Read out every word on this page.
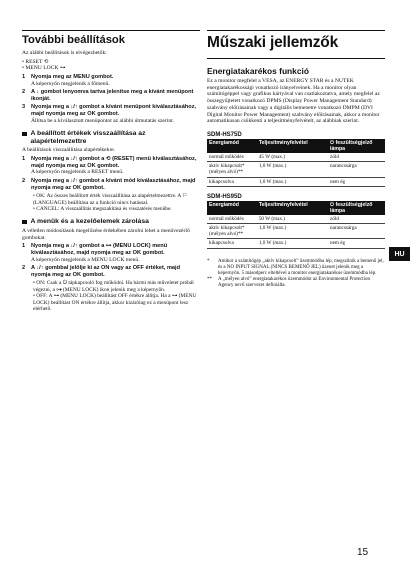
További beállítások

Az alábbi beállítások is elvégezhetők:

• RESET ⟲

• MENU LOCK ⊶

1	Nyomja meg az MENU gombot.
A képernyőn megjelenik a főmenü.
2	A ↓ gombot lenyomva tartva jelenítse meg a kívánt menüpont ikonját.
3	Nyomja meg a ↓/↑ gombot a kívánt menüpont kiválasztásához, majd nyomja meg az OK gombot.
Állítsa be a kiválasztott menüpontot az alábbi útmutatás szerint.
A beállított értékek visszaállítása az alapértelmezettre

A beállítások visszaállítása alapértékekre.

1	Nyomja meg a ↓/↑ gombot a ⟲ (RESET) menü kiválasztásához, majd nyomja meg az OK gombot.
A képernyőn megjelenik a RESET menü.
2	Nyomja meg a ↓/↑ gombot a kívánt mód kiválasztásához, majd nyomja meg az OK gombot.
• OK: Az összes beállított érték visszaállítása az alapértelmezettre. A ⚐ (LANGUAGE) beállítása az a funkció nincs hatással.
• CANCEL: A visszaállítás megszakítása és visszatérés menübe.
A menük és a kezelőelemek zárolása

A véletlen módosítások megelőzése érdekében zárolni lehet a menüvezérlő gombokat.

1	Nyomja meg a ↓/↑ gombot a ⊶ (MENU LOCK) menü kiválasztásához, majd nyomja meg az OK gombot.
A képernyőn megjelenik a MENU LOCK menü.
2	A ↓/↑ gombbal jelölje ki az ON vagy az OFF értéket, majd nyomja meg az OK gombot.
• ON: Csak a ⏻ tápkapcsoló fog működni. Ha bármi más műveletet próbál végezni, a ⊶ (MENU LOCK) ikon jelenik meg a képernyőn.
• OFF: A ⊶ (MENU LOCK) beállítást OFF értékre állítja. Ha a ⊶ (MENU LOCK) beállítást ON értékre állítja, akkor kizárólag ez a menüpont lesz elérhető.
Műszaki jellemzők
Energiatakarékos funkció

Ez a monitor megfelel a VESA, az ENERGY STAR és a NUTEK energiatakarékossági vonatkozó irányelveinek. Ha a monitor olyan számítógéppel vagy grafikus kártyával van csatlakoztatva, amely megfelel az összegyűjtetett vonatkozó DPMS (Display Power Management Standard) szabvány előírásainak vagy a digitális bemenetre vonatkozó DMPM (DVI Digital Monitor Power Management) szabvány előírásainak, akkor a monitor automatikusan csökkenti a teljesítményfelvételt, az alábbiak szerint.

SDM-HS75D
Energiamód	Teljesítményfelvétel	⏻ feszültségjelző lámpa
normál működés	45 W (max.)	zöld
aktív kikapcsolt* (mélyen alvó)**	1,0 W (max.)	narancssárga
kikapcsolva	1,0 W (max.)	nem ég
SDM-HS95D
Energiamód	Teljesítményfelvétel	⏻ feszültségjelző lámpa
normál működés	50 W (max.)	zöld
aktív kikapcsolt* (mélyen alvó)**	1,0 W (max.)	narancssárga
kikapcsolva	1,0 W (max.)	nem ég
*	Amikor a számítógép „aktív kikapcsolt” üzemmódba lép, megszűnik a bemenő jel, és a NO INPUT SIGNAL (NINCS BEMENŐ JEL) üzenet jelenik meg a képernyőn. 5 másodperc elteltével a monitor energiatakarékos üzemmódba lép.
**	A „mélyen alvó” energiatakarékos üzemmódot az Environmental Protection Agency nevű szervezet definiálta.
HU
15
